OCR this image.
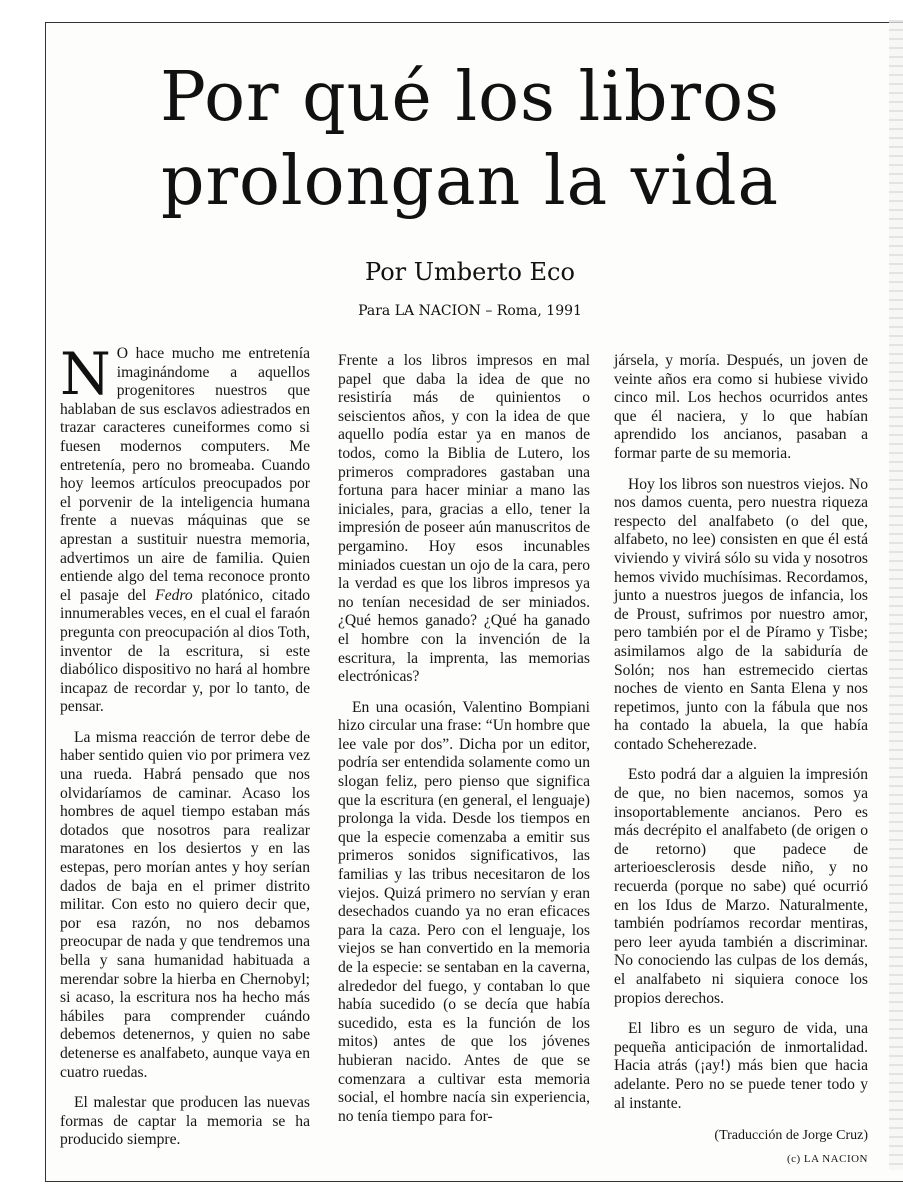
Por qué los libros
prolongan la vida
Por Umberto Eco
Para LA NACION – Roma, 1991

N O hace mucho me entretenía imaginándome a aquellos progenitores nuestros que hablaban de sus esclavos adiestrados en trazar caracteres cuneiformes como si fuesen modernos computers. Me entretenía, pero no bromeaba. Cuando hoy leemos artículos preocupados por el porvenir de la inteligencia humana frente a nuevas máquinas que se aprestan a sustituir nuestra memoria, advertimos un aire de familia. Quien entiende algo del tema reconoce pronto el pasaje del Fedro platónico, citado innumerables veces, en el cual el faraón pregunta con preocupación al dios Toth, inventor de la escritura, si este diabólico dispositivo no hará al hombre incapaz de recordar y, por lo tanto, de pensar.

La misma reacción de terror debe de haber sentido quien vio por primera vez una rueda. Habrá pensado que nos olvidaríamos de caminar. Acaso los hombres de aquel tiempo estaban más dotados que nosotros para realizar maratones en los desiertos y en las estepas, pero morían antes y hoy serían dados de baja en el primer distrito militar. Con esto no quiero decir que, por esa razón, no nos debamos preocupar de nada y que tendremos una bella y sana humanidad habituada a merendar sobre la hierba en Chernobyl; si acaso, la escritura nos ha hecho más hábiles para comprender cuándo debemos detenernos, y quien no sabe detenerse es analfabeto, aunque vaya en cuatro ruedas.

El malestar que producen las nuevas formas de captar la memoria se ha producido siempre.

Frente a los libros impresos en mal papel que daba la idea de que no resistiría más de quinientos o seiscientos años, y con la idea de que aquello podía estar ya en manos de todos, como la Biblia de Lutero, los primeros compradores gastaban una fortuna para hacer miniar a mano las iniciales, para, gracias a ello, tener la impresión de poseer aún manuscritos de pergamino. Hoy esos incunables miniados cuestan un ojo de la cara, pero la verdad es que los libros impresos ya no tenían necesidad de ser miniados. ¿Qué hemos ganado? ¿Qué ha ganado el hombre con la invención de la escritura, la imprenta, las memorias electrónicas?

En una ocasión, Valentino Bompiani hizo circular una frase: “Un hombre que lee vale por dos”. Dicha por un editor, podría ser entendida solamente como un slogan feliz, pero pienso que significa que la escritura (en general, el lenguaje) prolonga la vida. Desde los tiempos en que la especie comenzaba a emitir sus primeros sonidos significativos, las familias y las tribus necesitaron de los viejos. Quizá primero no servían y eran desechados cuando ya no eran eficaces para la caza. Pero con el lenguaje, los viejos se han convertido en la memoria de la especie: se sentaban en la caverna, alrededor del fuego, y contaban lo que había sucedido (o se decía que había sucedido, esta es la función de los mitos) antes de que los jóvenes hubieran nacido. Antes de que se comenzara a cultivar esta memoria social, el hombre nacía sin experiencia, no tenía tiempo para for-

jársela, y moría. Después, un joven de veinte años era como si hubiese vivido cinco mil. Los hechos ocurridos antes que él naciera, y lo que habían aprendido los ancianos, pasaban a formar parte de su memoria.

Hoy los libros son nuestros viejos. No nos damos cuenta, pero nuestra riqueza respecto del analfabeto (o del que, alfabeto, no lee) consisten en que él está viviendo y vivirá sólo su vida y nosotros hemos vivido muchísimas. Recordamos, junto a nuestros juegos de infancia, los de Proust, sufrimos por nuestro amor, pero también por el de Píramo y Tisbe; asimilamos algo de la sabiduría de Solón; nos han estremecido ciertas noches de viento en Santa Elena y nos repetimos, junto con la fábula que nos ha contado la abuela, la que había contado Scheherezade.

Esto podrá dar a alguien la impresión de que, no bien nacemos, somos ya insoportablemente ancianos. Pero es más decrépito el analfabeto (de origen o de retorno) que padece de arterioesclerosis desde niño, y no recuerda (porque no sabe) qué ocurrió en los Idus de Marzo. Naturalmente, también podríamos recordar mentiras, pero leer ayuda también a discriminar. No conociendo las culpas de los demás, el analfabeto ni siquiera conoce los propios derechos.

El libro es un seguro de vida, una pequeña anticipación de inmortalidad. Hacia atrás (¡ay!) más bien que hacia adelante. Pero no se puede tener todo y al instante.

(Traducción de Jorge Cruz)
(c) LA NACION
